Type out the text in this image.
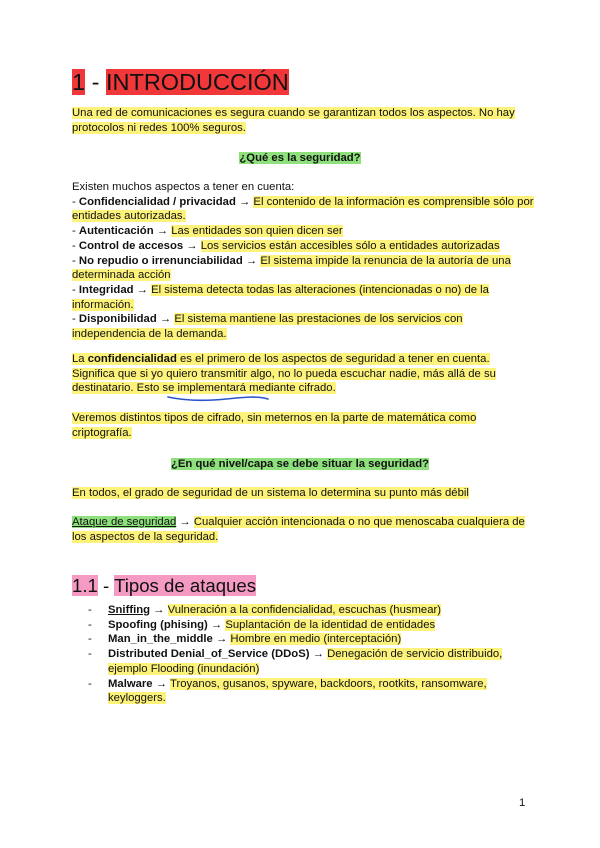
1 - INTRODUCCIÓN

Una red de comunicaciones es segura cuando se garantizan todos los aspectos. No hay protocolos ni redes 100% seguros.

¿Qué es la seguridad?

Existen muchos aspectos a tener en cuenta:
- Confidencialidad / privacidad → El contenido de la información es comprensible sólo por entidades autorizadas.
- Autenticación → Las entidades son quien dicen ser
- Control de accesos → Los servicios están accesibles sólo a entidades autorizadas
- No repudio o irrenunciabilidad → El sistema impide la renuncia de la autoría de una determinada acción
- Integridad → El sistema detecta todas las alteraciones (intencionadas o no) de la información.
- Disponibilidad → El sistema mantiene las prestaciones de los servicios con independencia de la demanda.

La confidencialidad es el primero de los aspectos de seguridad a tener en cuenta. Significa que si yo quiero transmitir algo, no lo pueda escuchar nadie, más allá de su destinatario. Esto se implementará mediante cifrado.

Veremos distintos tipos de cifrado, sin meternos en la parte de matemática como criptografía.

¿En qué nivel/capa se debe situar la seguridad?

En todos, el grado de seguridad de un sistema lo determina su punto más débil

Ataque de seguridad → Cualquier acción intencionada o no que menoscaba cualquiera de los aspectos de la seguridad.

1.1 - Tipos de ataques
- Sniffing → Vulneración a la confidencialidad, escuchas (husmear)
- Spoofing (phising) → Suplantación de la identidad de entidades
- Man_in_the_middle → Hombre en medio (interceptación)
- Distributed Denial_of_Service (DDoS) → Denegación de servicio distribuido, ejemplo Flooding (inundación)
- Malware → Troyanos, gusanos, spyware, backdoors, rootkits, ransomware, keyloggers.
1
